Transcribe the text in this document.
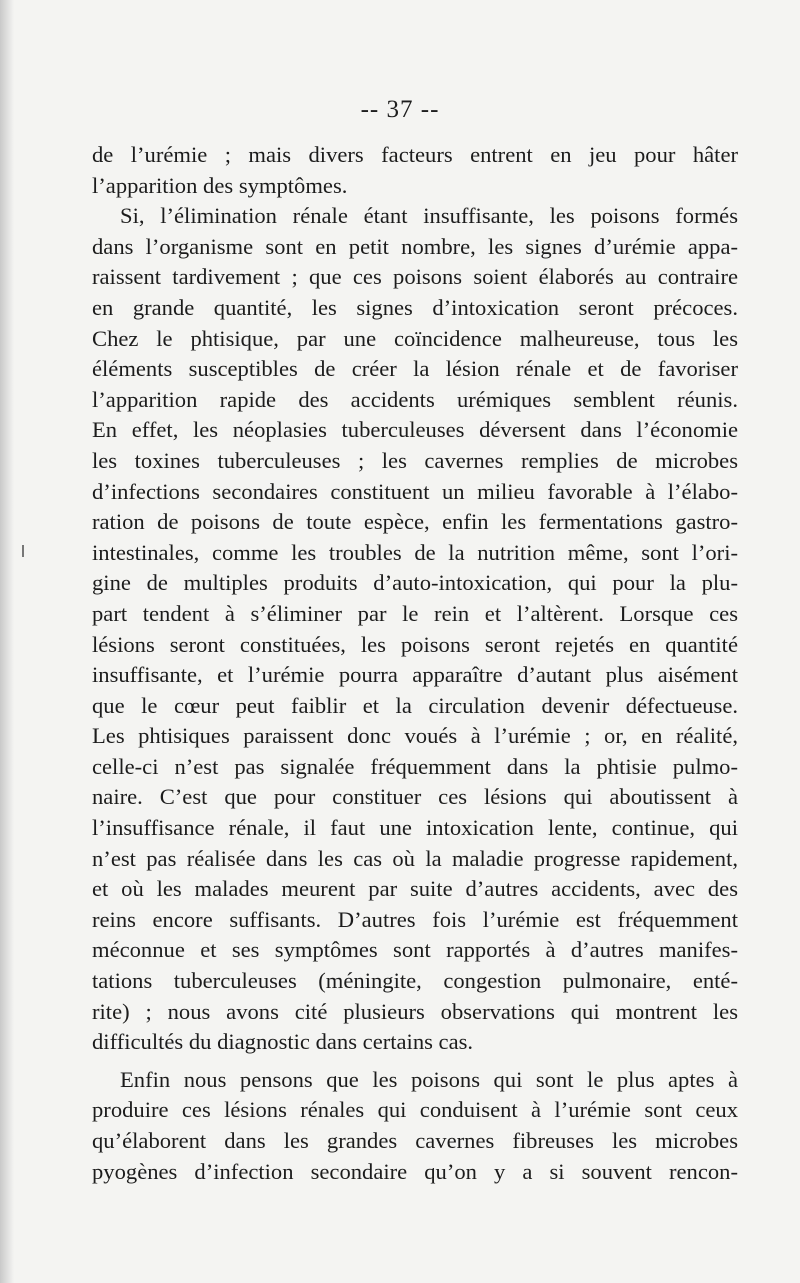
-- 37 --

de l’urémie ; mais divers facteurs entrent en jeu pour hâter
l’apparition des symptômes.

Si, l’élimination rénale étant insuffisante, les poisons formés
dans l’organisme sont en petit nombre, les signes d’urémie appa-
raissent tardivement ; que ces poisons soient élaborés au contraire
en grande quantité, les signes d’intoxication seront précoces.
Chez le phtisique, par une coïncidence malheureuse, tous les
éléments susceptibles de créer la lésion rénale et de favoriser
l’apparition rapide des accidents urémiques semblent réunis.
En effet, les néoplasies tuberculeuses déversent dans l’économie
les toxines tuberculeuses ; les cavernes remplies de microbes
d’infections secondaires constituent un milieu favorable à l’élabo-
ration de poisons de toute espèce, enfin les fermentations gastro-
intestinales, comme les troubles de la nutrition même, sont l’ori-
gine de multiples produits d’auto-intoxication, qui pour la plu-
part tendent à s’éliminer par le rein et l’altèrent. Lorsque ces
lésions seront constituées, les poisons seront rejetés en quantité
insuffisante, et l’urémie pourra apparaître d’autant plus aisément
que le cœur peut faiblir et la circulation devenir défectueuse.
Les phtisiques paraissent donc voués à l’urémie ; or, en réalité,
celle-ci n’est pas signalée fréquemment dans la phtisie pulmo-
naire. C’est que pour constituer ces lésions qui aboutissent à
l’insuffisance rénale, il faut une intoxication lente, continue, qui
n’est pas réalisée dans les cas où la maladie progresse rapidement,
et où les malades meurent par suite d’autres accidents, avec des
reins encore suffisants. D’autres fois l’urémie est fréquemment
méconnue et ses symptômes sont rapportés à d’autres manifes-
tations tuberculeuses (méningite, congestion pulmonaire, enté-
rite) ; nous avons cité plusieurs observations qui montrent les
difficultés du diagnostic dans certains cas.

Enfin nous pensons que les poisons qui sont le plus aptes à
produire ces lésions rénales qui conduisent à l’urémie sont ceux
qu’élaborent dans les grandes cavernes fibreuses les microbes
pyogènes d’infection secondaire qu’on y a si souvent rencon-
